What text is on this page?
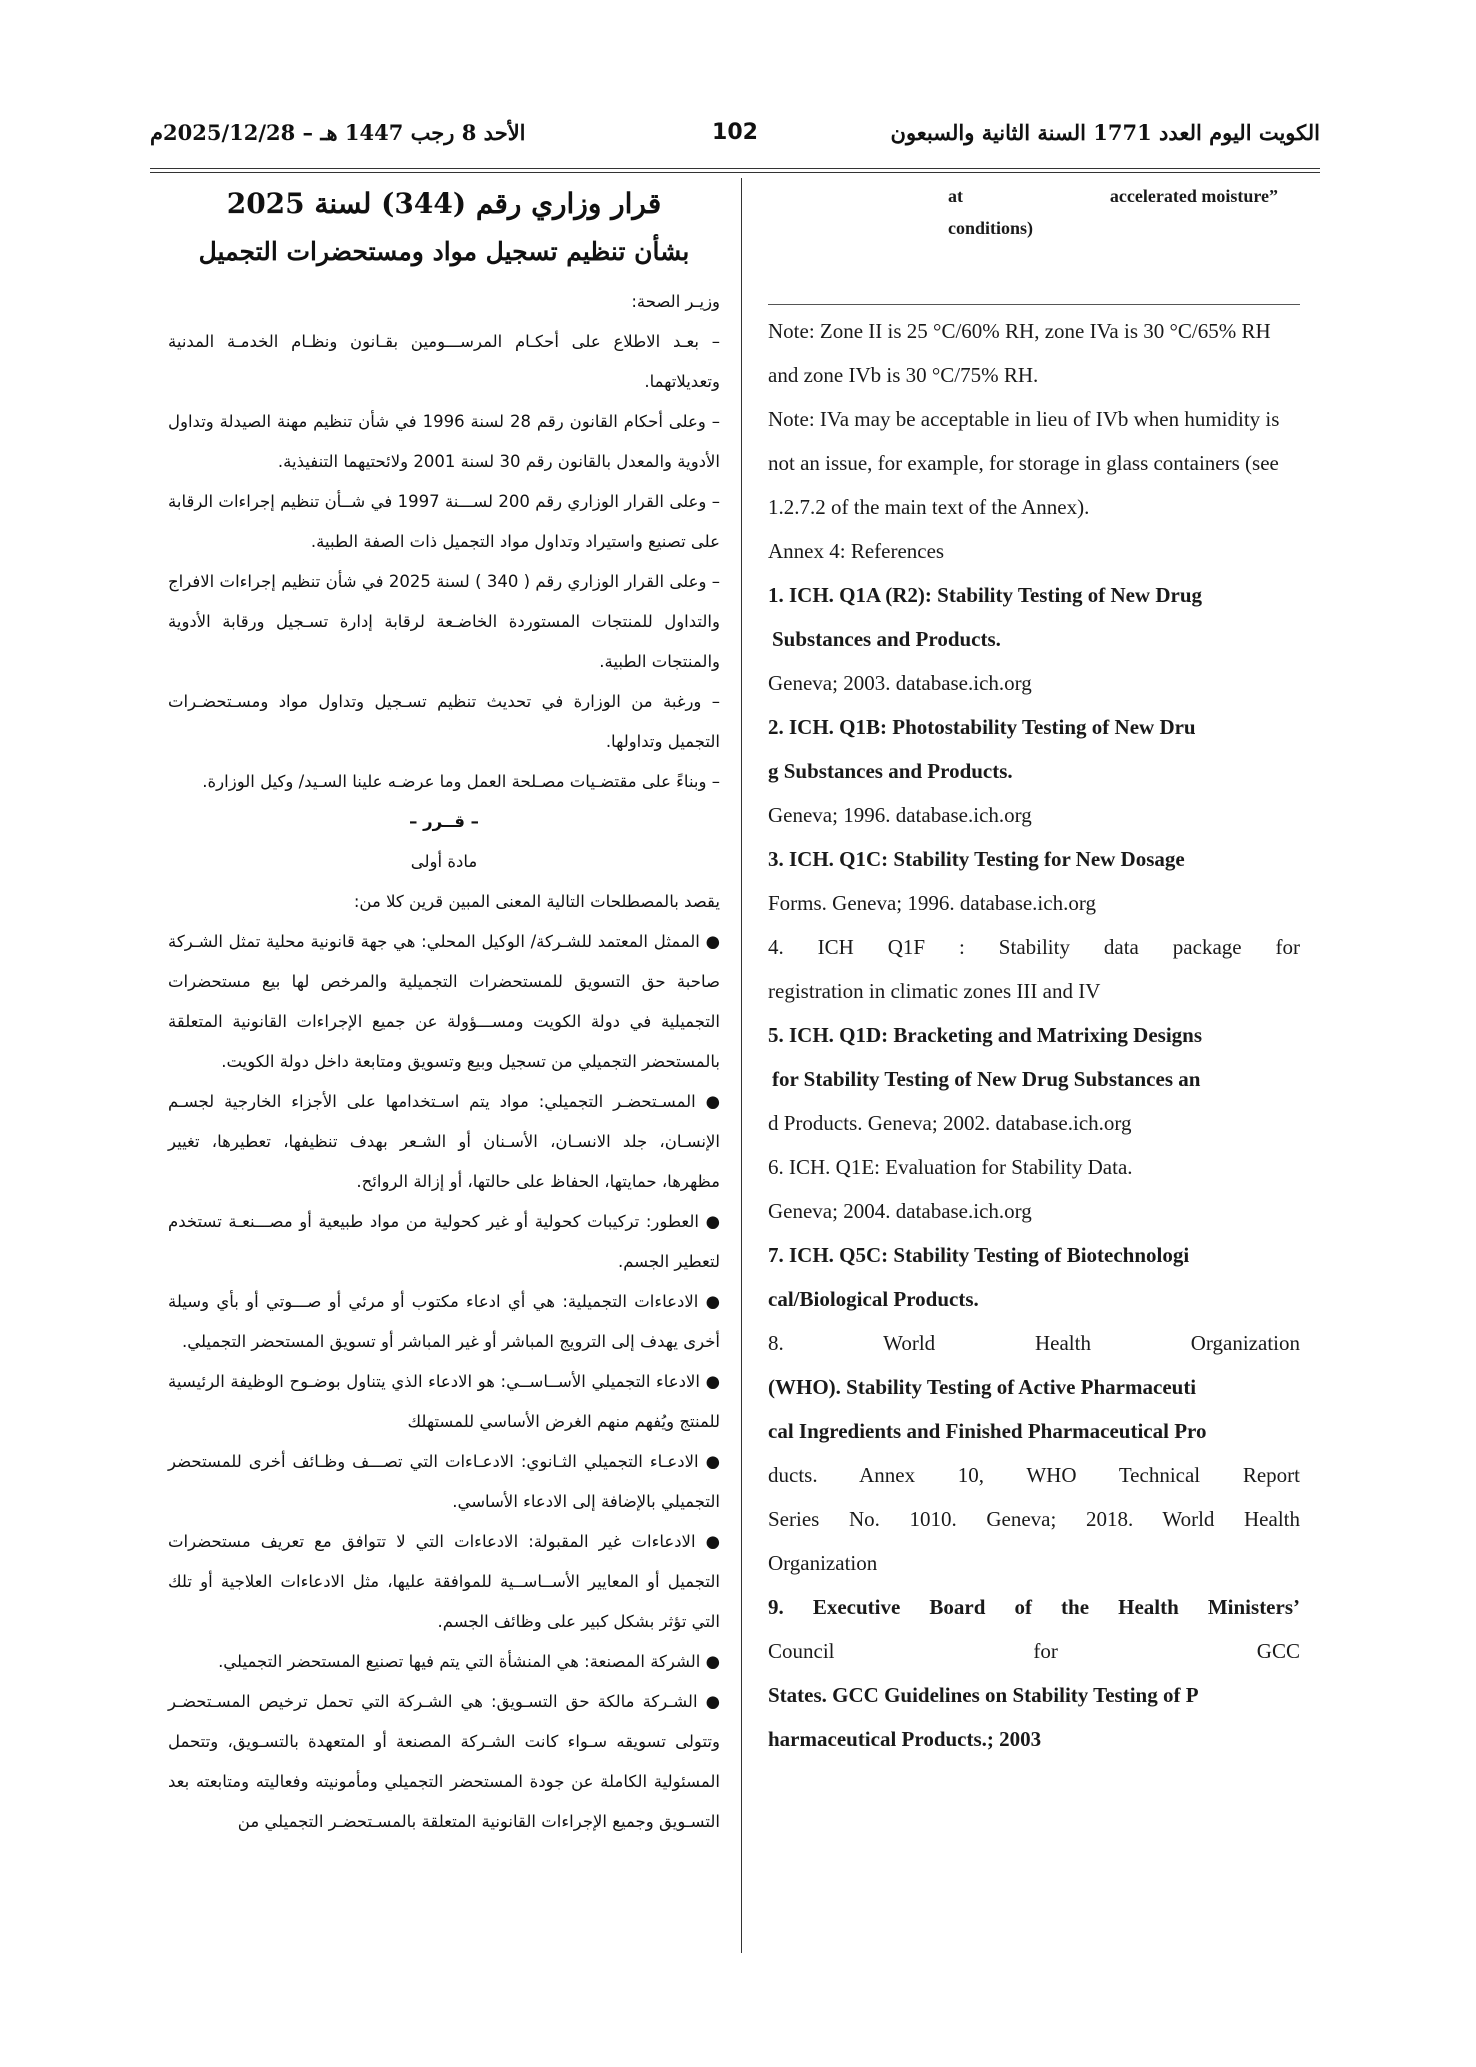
الكويت اليوم العدد 1771 السنة الثانية والسبعون
102
الأحد 8 رجب 1447 هـ – 2025/12/28م
قرار وزاري رقم (344) لسنة 2025
بشأن تنظيم تسجيل مواد ومستحضرات التجميل

وزيـر الصحة:

– بعـد الاطلاع على أحكـام المرســـومين بقـانون ونظـام الخدمـة المدنية وتعديلاتهما.

– وعلى أحكام القانون رقم 28 لسنة 1996 في شأن تنظيم مهنة الصيدلة وتداول الأدوية والمعدل بالقانون رقم 30 لسنة 2001 ولائحتيهما التنفيذية.

– وعلى القرار الوزاري رقم 200 لســـنة 1997 في شــأن تنظيم إجراءات الرقابة على تصنيع واستيراد وتداول مواد التجميل ذات الصفة الطبية.

– وعلى القرار الوزاري رقم ( 340 ) لسنة 2025 في شأن تنظيم إجراءات الافراج والتداول للمنتجات المستوردة الخاضـعة لرقابة إدارة تسـجيل ورقابة الأدوية والمنتجات الطبية.

– ورغبة من الوزارة في تحديث تنظيم تسـجيل وتداول مواد ومسـتحضـرات التجميل وتداولها.

– وبناءً على مقتضـيات مصـلحة العمل وما عرضـه علينا السـيد/ وكيل الوزارة.

– قــرر –

مادة أولى

يقصد بالمصطلحات التالية المعنى المبين قرين كلا من:

● الممثل المعتمد للشـركة/ الوكيل المحلي: هي جهة قانونية محلية تمثل الشـركة صاحبة حق التسويق للمستحضرات التجميلية والمرخص لها بيع مستحضرات التجميلية في دولة الكويت ومســـؤولة عن جميع الإجراءات القانونية المتعلقة بالمستحضر التجميلي من تسجيل وبيع وتسويق ومتابعة داخل دولة الكويت.

● المسـتحضـر التجميلي: مواد يتم اسـتخدامها على الأجزاء الخارجية لجسـم الإنسـان، جلد الانسـان، الأسـنان أو الشـعر بهدف تنظيفها، تعطيرها، تغيير مظهرها، حمايتها، الحفاظ على حالتها، أو إزالة الروائح.

● العطور: تركيبات كحولية أو غير كحولية من مواد طبيعية أو مصـــنعـة تستخدم لتعطير الجسم.

● الادعاءات التجميلية: هي أي ادعاء مكتوب أو مرئي أو صـــوتي أو بأي وسيلة أخرى يهدف إلى الترويج المباشر أو غير المباشر أو تسويق المستحضر التجميلي.

● الادعاء التجميلي الأســاســي: هو الادعاء الذي يتناول بوضـوح الوظيفة الرئيسية للمنتج ويُفهم منهم الغرض الأساسي للمستهلك

● الادعـاء التجميلي الثـانوي: الادعـاءات التي تصـــف وظـائف أخرى للمستحضر التجميلي بالإضافة إلى الادعاء الأساسي.

● الادعاءات غير المقبولة: الادعاءات التي لا تتوافق مع تعريف مستحضرات التجميل أو المعايير الأســاســية للموافقة عليها، مثل الادعاءات العلاجية أو تلك التي تؤثر بشكل كبير على وظائف الجسم.

● الشركة المصنعة: هي المنشأة التي يتم فيها تصنيع المستحضر التجميلي.

● الشـركة مالكة حق التسـويق: هي الشـركة التي تحمل ترخيص المسـتحضـر وتتولى تسويقه سـواء كانت الشـركة المصنعة أو المتعهدة بالتسـويق، وتتحمل المسئولية الكاملة عن جودة المستحضر التجميلي ومأمونيته وفعاليته ومتابعته بعد التسـويق وجميع الإجراءات القانونية المتعلقة بالمسـتحضـر التجميلي من

at	accelerated moisture”
conditions)

Note: Zone II is 25 °C/60% RH, zone IVa is 30 °C/65% RH and zone IVb is 30 °C/75% RH.

Note: IVa may be acceptable in lieu of IVb when humidity is not an issue, for example, for storage in glass containers (see 1.2.7.2 of the main text of the Annex).

Annex 4: References

1. ICH. Q1A (R2): Stability Testing of New Drug

Substances and Products.

Geneva; 2003. database.ich.org

2. ICH. Q1B: Photostability Testing of New Dru

g Substances and Products.

Geneva; 1996. database.ich.org

3. ICH. Q1C: Stability Testing for New Dosage

Forms. Geneva; 1996. database.ich.org

4. ICH Q1F : Stability data package for

registration in climatic zones III and IV

5. ICH. Q1D: Bracketing and Matrixing Designs

for Stability Testing of New Drug Substances an

d Products. Geneva; 2002. database.ich.org

6. ICH. Q1E: Evaluation for Stability Data.

Geneva; 2004. database.ich.org

7. ICH. Q5C: Stability Testing of Biotechnologi

cal/Biological Products.

8. World Health Organization

(WHO). Stability Testing of Active Pharmaceuti

cal Ingredients and Finished Pharmaceutical Pro

ducts. Annex 10, WHO Technical Report

Series No. 1010. Geneva; 2018. World Health

Organization

9. Executive Board of the Health Ministers’

Council for GCC

States. GCC Guidelines on Stability Testing of P

harmaceutical Products.; 2003
